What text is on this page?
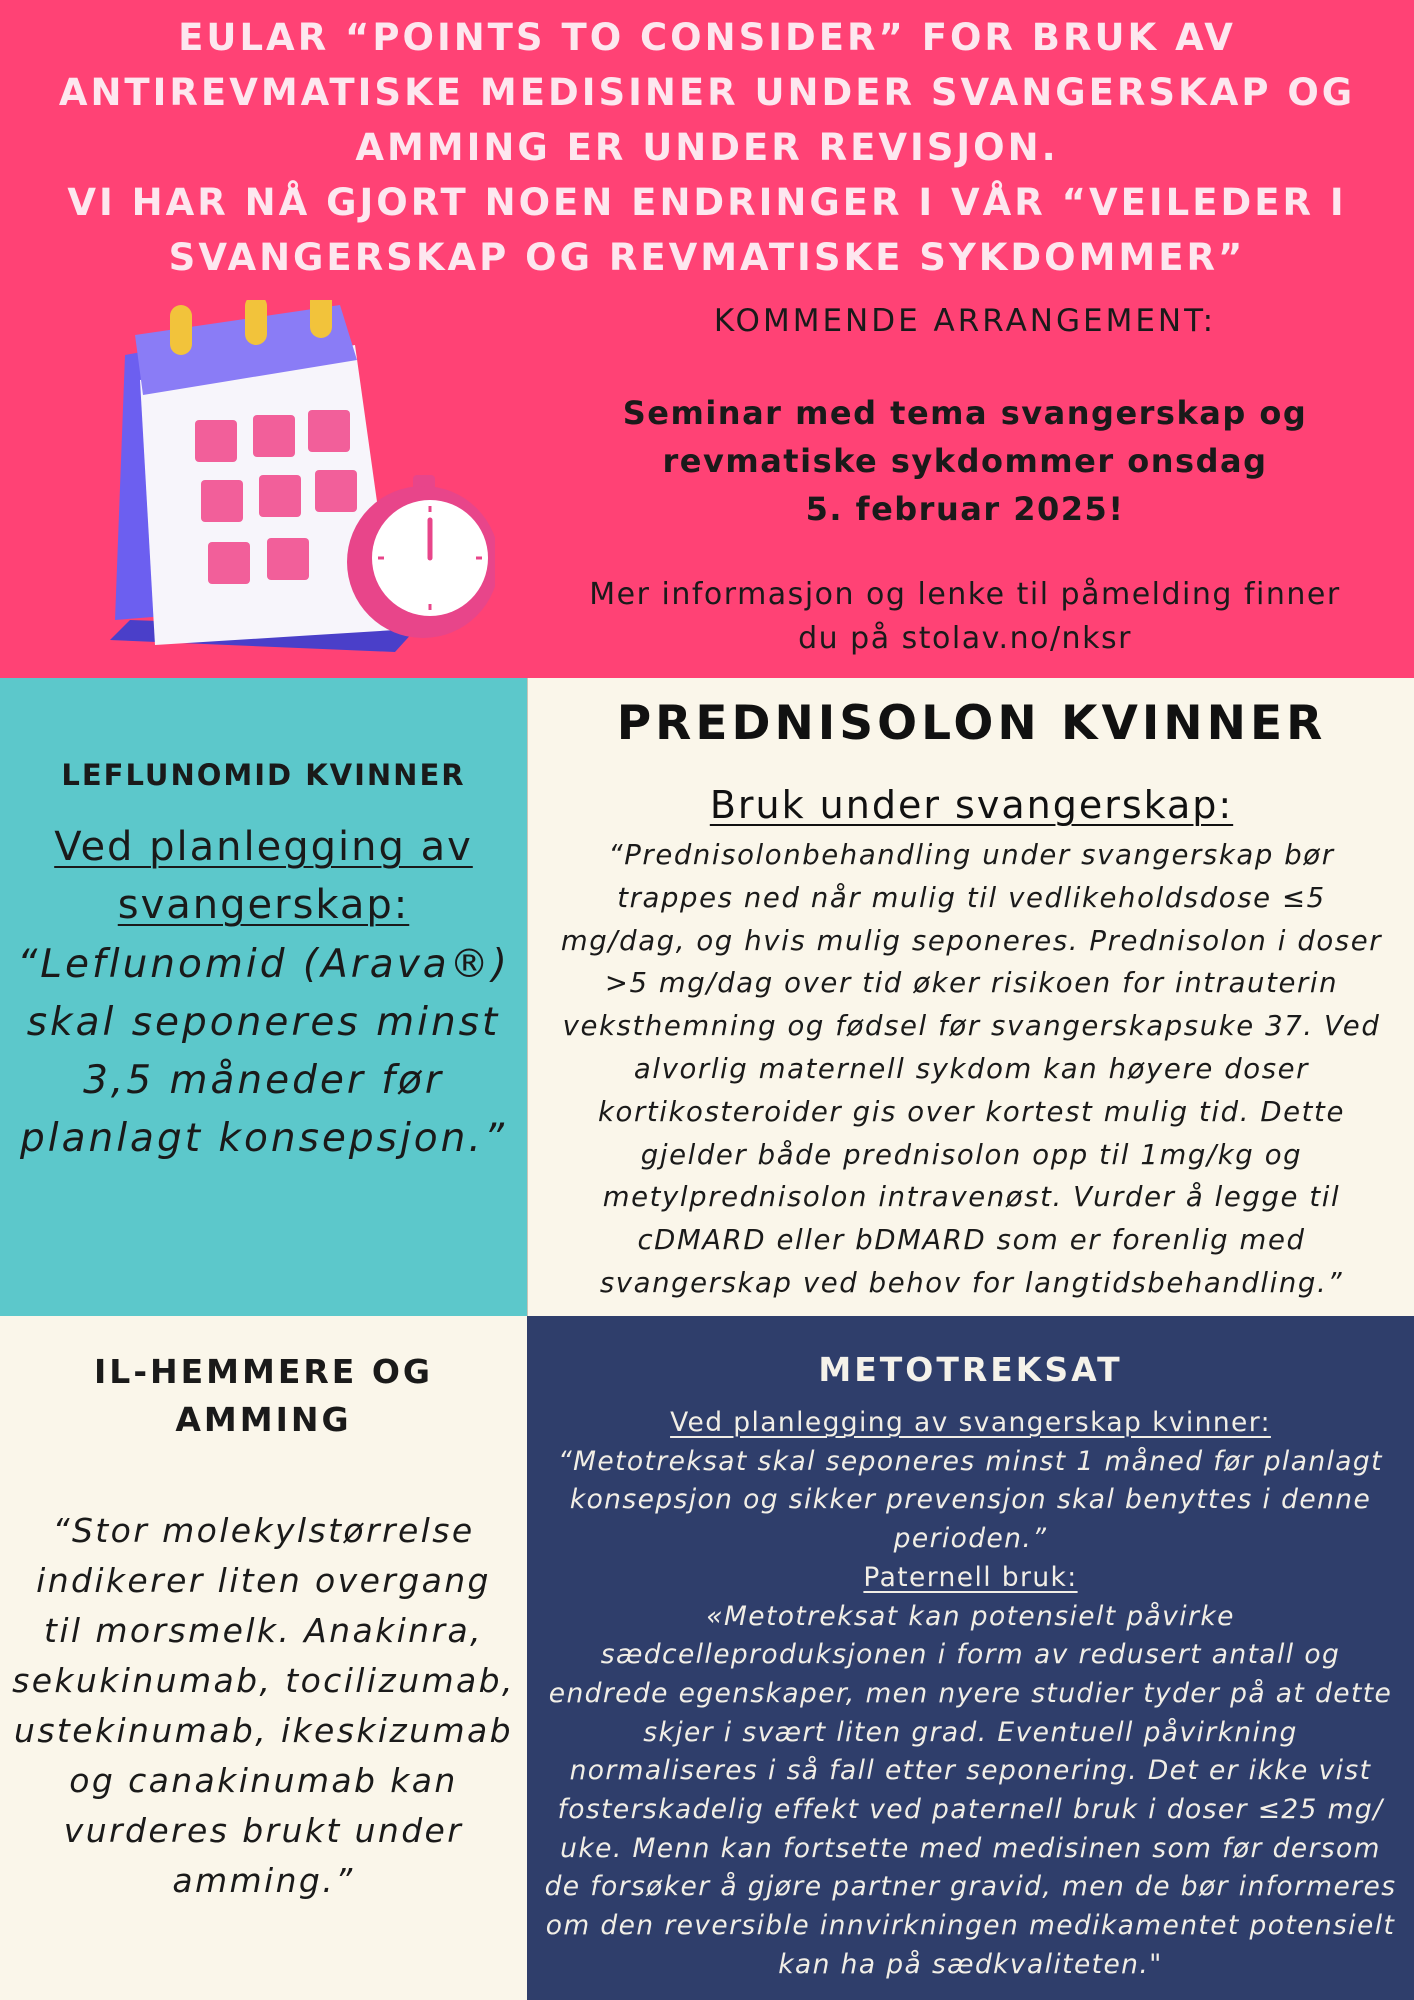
EULAR “POINTS TO CONSIDER” FOR BRUK AV
ANTIREVMATISKE MEDISINER UNDER SVANGERSKAP OG
AMMING ER UNDER REVISJON.
VI HAR NÅ GJORT NOEN ENDRINGER I VÅR “VEILEDER I
SVANGERSKAP OG REVMATISKE SYKDOMMER”
KOMMENDE ARRANGEMENT:
Seminar med tema svangerskap og
revmatiske sykdommer onsdag
5. februar 2025!
Mer informasjon og lenke til påmelding finner
du på stolav.no/nksr
LEFLUNOMID KVINNER
Ved planlegging av
svangerskap:
“Leflunomid (Arava®)
skal seponeres minst
3,5 måneder før
planlagt konsepsjon.”
PREDNISOLON KVINNER
Bruk under svangerskap:
“Prednisolonbehandling under svangerskap bør
trappes ned når mulig til vedlikeholdsdose ≤5
mg/dag, og hvis mulig seponeres. Prednisolon i doser
>5 mg/dag over tid øker risikoen for intrauterin
veksthemning og fødsel før svangerskapsuke 37. Ved
alvorlig maternell sykdom kan høyere doser
kortikosteroider gis over kortest mulig tid. Dette
gjelder både prednisolon opp til 1mg/kg og
metylprednisolon intravenøst. Vurder å legge til
cDMARD eller bDMARD som er forenlig med
svangerskap ved behov for langtidsbehandling.”
IL-HEMMERE OG
AMMING
“Stor molekylstørrelse
indikerer liten overgang
til morsmelk. Anakinra,
sekukinumab, tocilizumab,
ustekinumab, ikeskizumab
og canakinumab kan
vurderes brukt under
amming.”
METOTREKSAT
Ved planlegging av svangerskap kvinner:
“Metotreksat skal seponeres minst 1 måned før planlagt
konsepsjon og sikker prevensjon skal benyttes i denne
perioden.”
Paternell bruk:
«Metotreksat kan potensielt påvirke
sædcelleproduksjonen i form av redusert antall og
endrede egenskaper, men nyere studier tyder på at dette
skjer i svært liten grad. Eventuell påvirkning
normaliseres i så fall etter seponering. Det er ikke vist
fosterskadelig effekt ved paternell bruk i doser ≤25 mg/
uke. Menn kan fortsette med medisinen som før dersom
de forsøker å gjøre partner gravid, men de bør informeres
om den reversible innvirkningen medikamentet potensielt
kan ha på sædkvaliteten."
